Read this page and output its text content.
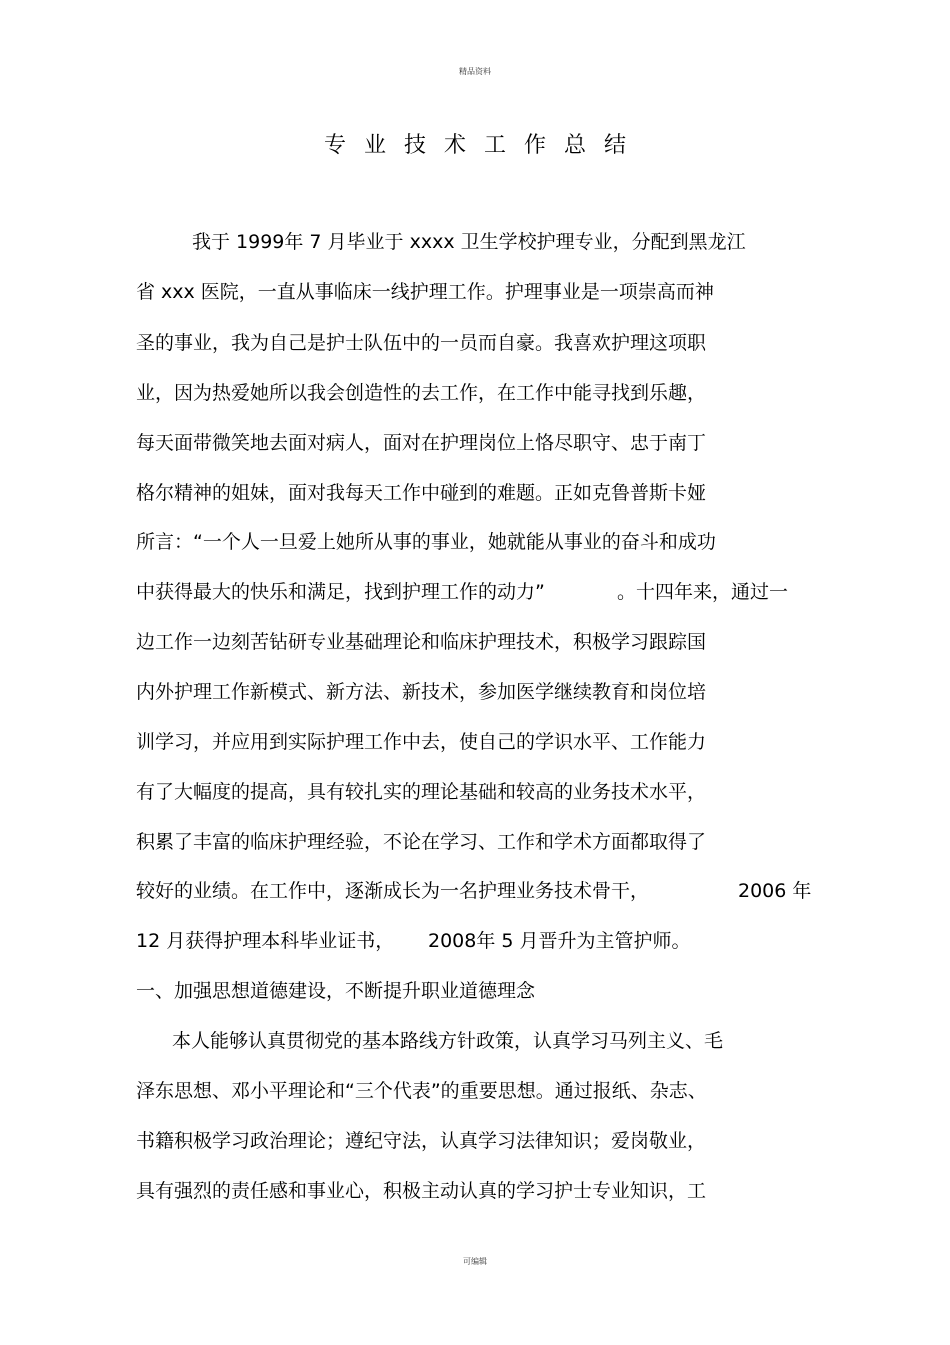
精品资料
专业技术工作总结
我于 1999年 7 月毕业于 xxxx 卫生学校护理专业，分配到黑龙江
省 xxx 医院，一直从事临床一线护理工作。护理事业是一项崇高而神
圣的事业，我为自己是护士队伍中的一员而自豪。我喜欢护理这项职
业，因为热爱她所以我会创造性的去工作，在工作中能寻找到乐趣，
每天面带微笑地去面对病人，面对在护理岗位上恪尽职守、忠于南丁
格尔精神的姐妹，面对我每天工作中碰到的难题。正如克鲁普斯卡娅
所言：“一个人一旦爱上她所从事的事业，她就能从事业的奋斗和成功
中获得最大的快乐和满足，找到护理工作的动力”	。十四年来，通过一
边工作一边刻苦钻研专业基础理论和临床护理技术，积极学习跟踪国
内外护理工作新模式、新方法、新技术，参加医学继续教育和岗位培
训学习，并应用到实际护理工作中去，使自己的学识水平、工作能力
有了大幅度的提高，具有较扎实的理论基础和较高的业务技术水平，
积累了丰富的临床护理经验，不论在学习、工作和学术方面都取得了
较好的业绩。在工作中，逐渐成长为一名护理业务技术骨干，	2006 年
12 月获得护理本科毕业证书， 2008年 5 月晋升为主管护师。
一、加强思想道德建设，不断提升职业道德理念
本人能够认真贯彻党的基本路线方针政策，认真学习马列主义、毛
泽东思想、邓小平理论和“三个代表”的重要思想。通过报纸、杂志、
书籍积极学习政治理论；遵纪守法，认真学习法律知识；爱岗敬业，
具有强烈的责任感和事业心，积极主动认真的学习护士专业知识，工
可编辑
